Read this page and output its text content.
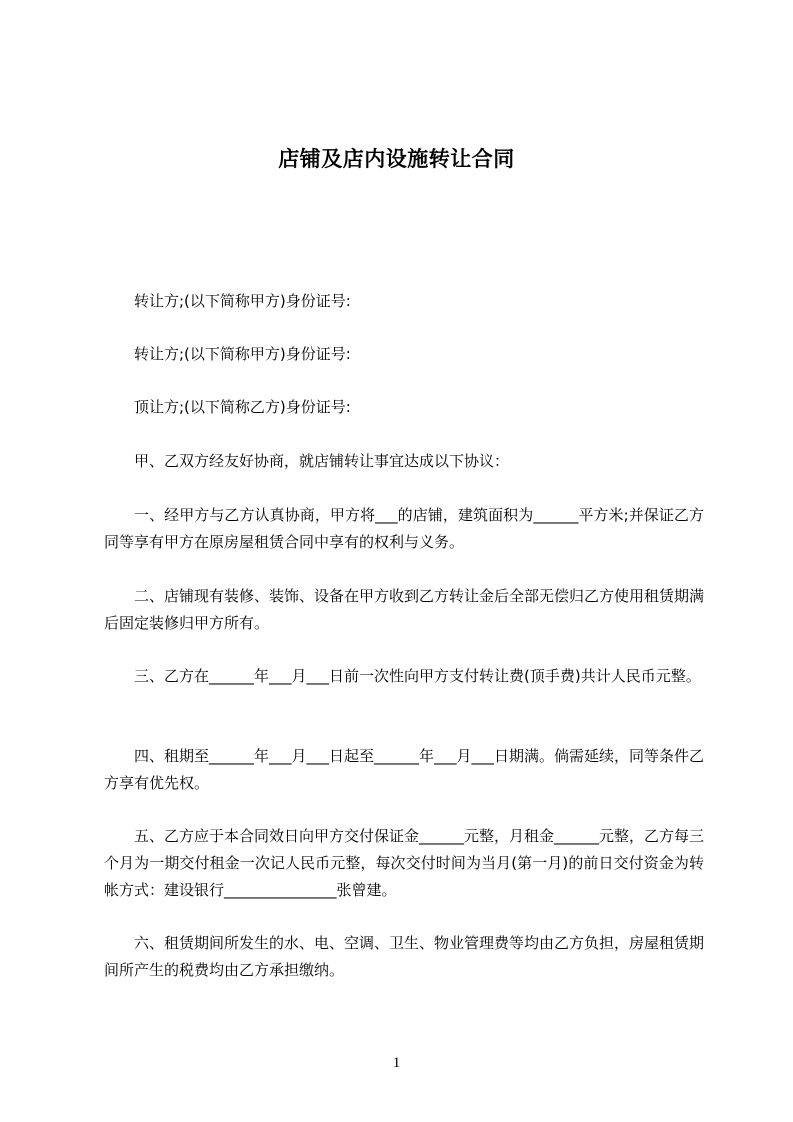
店铺及店内设施转让合同

转让方;(以下简称甲方)身份证号:

转让方;(以下简称甲方)身份证号:

顶让方;(以下简称乙方)身份证号:

甲、乙双方经友好协商，就店铺转让事宜达成以下协议：

一、经甲方与乙方认真协商，甲方将___的店铺，建筑面积为______平方米;并保证乙方同等享有甲方在原房屋租赁合同中享有的权利与义务。

二、店铺现有装修、装饰、设备在甲方收到乙方转让金后全部无偿归乙方使用租赁期满后固定装修归甲方所有。

三、乙方在______年___月___日前一次性向甲方支付转让费(顶手费)共计人民币元整。

四、租期至______年___月___日起至______年___月___日期满。倘需延续，同等条件乙方享有优先权。

五、乙方应于本合同效日向甲方交付保证金______元整，月租金______元整，乙方每三个月为一期交付租金一次记人民币元整，每次交付时间为当月(第一月)的前日交付资金为转帐方式：建设银行_______________张曾建。

六、租赁期间所发生的水、电、空调、卫生、物业管理费等均由乙方负担，房屋租赁期间所产生的税费均由乙方承担缴纳。

1
